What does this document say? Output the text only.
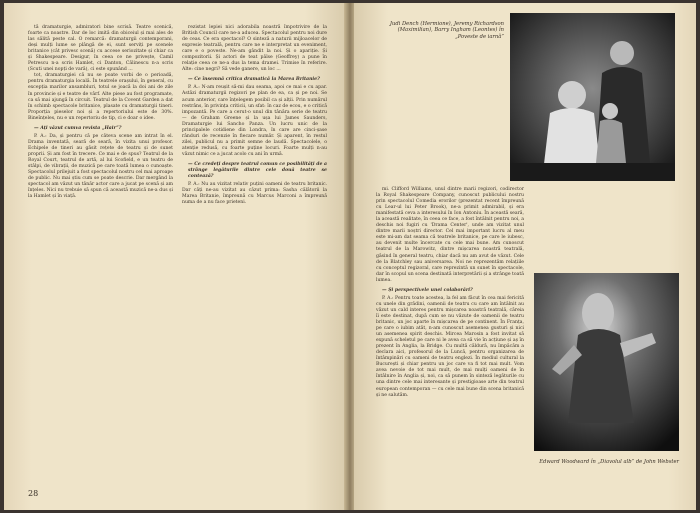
tă dramaturgie, admiratori bine scrisă. Teatre scenică, foarte ca noastre. Dar de loc imită din obiceiul și mai ales de las sălită peste cal. O remarcă: dramaturgii contemporani, deși mulți lume se plângă de ei, sunt serviți pe scenele britanice (cât privesc scenă) cu accese seriozitate și chiar ca și Shakespeare. Desigur, în ceea ce ne privește, Camil Petrescu n-a scris Hamlet, ci Danton, Călinescu n-a scris (Scuti unei nopți de vară), ci este spunând ...

tot, dramaturgiei că nu se poate vorbi de o perioadă, pentru dramaturgia locală. În teatrele orașului, în general, cu excepția marilor ansambluri, totul se joacă la doi ani de zile în provincie și e teatre de vârf. Alte piese au fost programate, ca să mai ajungă în circuit. Teatrul de la Covent Garden a dat în schimb spectacole britanice, plasate cu dramaturgii tineri. Proporția pieselor noi și a repertoriului este de 30%. Bineînțeles, nu e un repertoriu de tip, ci e doar o idee.

— Ați văzut cumva revista „Hair”?

P. A.: Da, și pentru că pe câteva scene am intrat în el. Drama inventată, seară de seară, în vizita unui profesor. Echipele de tineri au găsit rețete de teatru și de sunet proprii. Și am fost în trecere. Ce mai e de spus? Teatrul de la Royal Court, teatrul de artă, al lui Scofield, e un teatru de stâlpi, de vibrații, de muzică pe care toată lumea o cunoaște. Spectacolul prilejuit a fost spectacolul nostru cel mai aproape de public. Nu mai știu cum se poate descrie. Dar mergând la spectacol am văzut un tânăr actor care a jucat pe scenă și am înțeles. Nici nu trebuie să spun că această muzică ne-a dus și la Hamlet și în viață.

rezistat lepiei nici adorabila noastră împotrivire de la British Council care ne-a aducea. Spectacolul pentru noi dure de ceas. Ce era spectacol? O sinteză a naturii mijloacelor de expresie teatrală, pentru care ne e interpretat un eveniment, care e o poveste. Ne-am gândit la noi. Și o apariție. Și compozitorii. Și actori de teat pâlse (Geoffrey) a pune în relație ceea ce ne-a dus la tema dramei. Trimise în referire. Alte: cine negri? Să vede ganere, un loc ...

— Ce însemnă critica dramatică la Marea Britanie?

P. A.: N-am reușit să-mi dau seama, apoi ce mai e cu apar. Astăzi dramaturgii regizori pe plan de ea, ca și pe noi. Se acum anterior, care înțelegem posibil ca și alții. Prin numărul restrâns, în privința criticii, un sfat: în caz de ecou, e o critică impozantă. Pe care a cerut-o unul din tânăra serie de teatru — de Graham Greene și la ușa lui James Saunders, Dramaturgie lui Sancho Panza. Un lucru unic de la principalele cotidiene din Londra, în care are cinci-șase rânduri de recenzie în fiecare număr. Și aparent, în restul zilei, publicul nu a primit semne de laudă. Spectacolele, o atenție redusă, cu foarte puține locuri. Foarte mulți n-au văzut nimic ce a jucat acolo cu ani în urmă.

— Ce credeți despre teatrul comun ce posibilități de a strânge legăturile dintre cele două teatre se contează?

P. A.: Nu au vizitat relativ puțini oameni de teatru britanic. Dar câți ne-au vizitat au căzut prima: Sasha călătorii la Marea Britanie, împreună cu Marcus Marconi a împreună numa de a nu face prieteni.

28
Judi Dench (Hermione), Jeremy Richardson (Maximilian), Barry Ingham (Leontes) în „Poveste de iarnă”

mi. Clifford Williams, unul dintre marii regizori, codirector la Royal Shakespeare Company, cunoscut publicului nostru prin spectacolul Comedia erorilor (prezentat recent împreună cu Lear-ul lui Peter Brook), ne-a primit admirabil, și era manifestată ceva a interesului în Ion Antoniu. În această seară, la această realitate, în ceea ce face, a fost întâlnit pentru noi, a deschis noi fugiri cu 'Drama Center', unde am vizitat unul dintre marii noștri director. Cel mai important lucru al meu este mi-am dat seama că teatrele britanice, pe care le iubesc, au devenit multe încercate cu cele mai bune. Am cunoscut teatrul de la Marowitz, dintre mișcarea noastră teatrală, găsind în general teatru, chiar dacă nu am avut de văzut. Cele de la Blatchley sau aniversarea. Noi ne reprezentăm relațiile cu conceptul regizoral, care reprezintă un sunet în spectacole, dar în scopul un scena destinată interpretării și a strânge toată lumea.

— Și perspectivele unei colaborări?

P. A.: Pentru toate acestea, la fel am făcut în cea mai fericită cu unele din grădini, oamenii de teatru cu care am întâlnit au văzut un cald interes pentru mișcarea noastră teatrală, căreia îi este destinat, după cum se nu văzute de oamenii de teatru britanic, un joc aparte în mișcarea de pe continent. În Franța, pe care o iubim atât, n-am cunoscut asemenea gusturi și nici un asemenea spirit deschis. Mircea Marosin a fost invitat să expună scheletul pe care ni le avea ca să vie în acțiune și aș în prezent în Anglia, la Bridge. Cu multă căldură, nu împăcăm a declara aici, profesorul de la Luncă, pentru organizarea de întâmpinări cu oameni de teatru englezi. În mediul cultural la București și chiar pentru un joc care va fi tot mai mult. Vom avea nevoie de tot mai mult, de mai mulți oameni de în întâlnire în Anglia și, noi, ca să punem în sinteză legăturile cu una dintre cele mai interesante și prestigioase arte din teatrul european contemporan — cu cele mai bune din scena britanică și ne salutăm.

Edward Woodward în „Diavolul alb” de John Webster
